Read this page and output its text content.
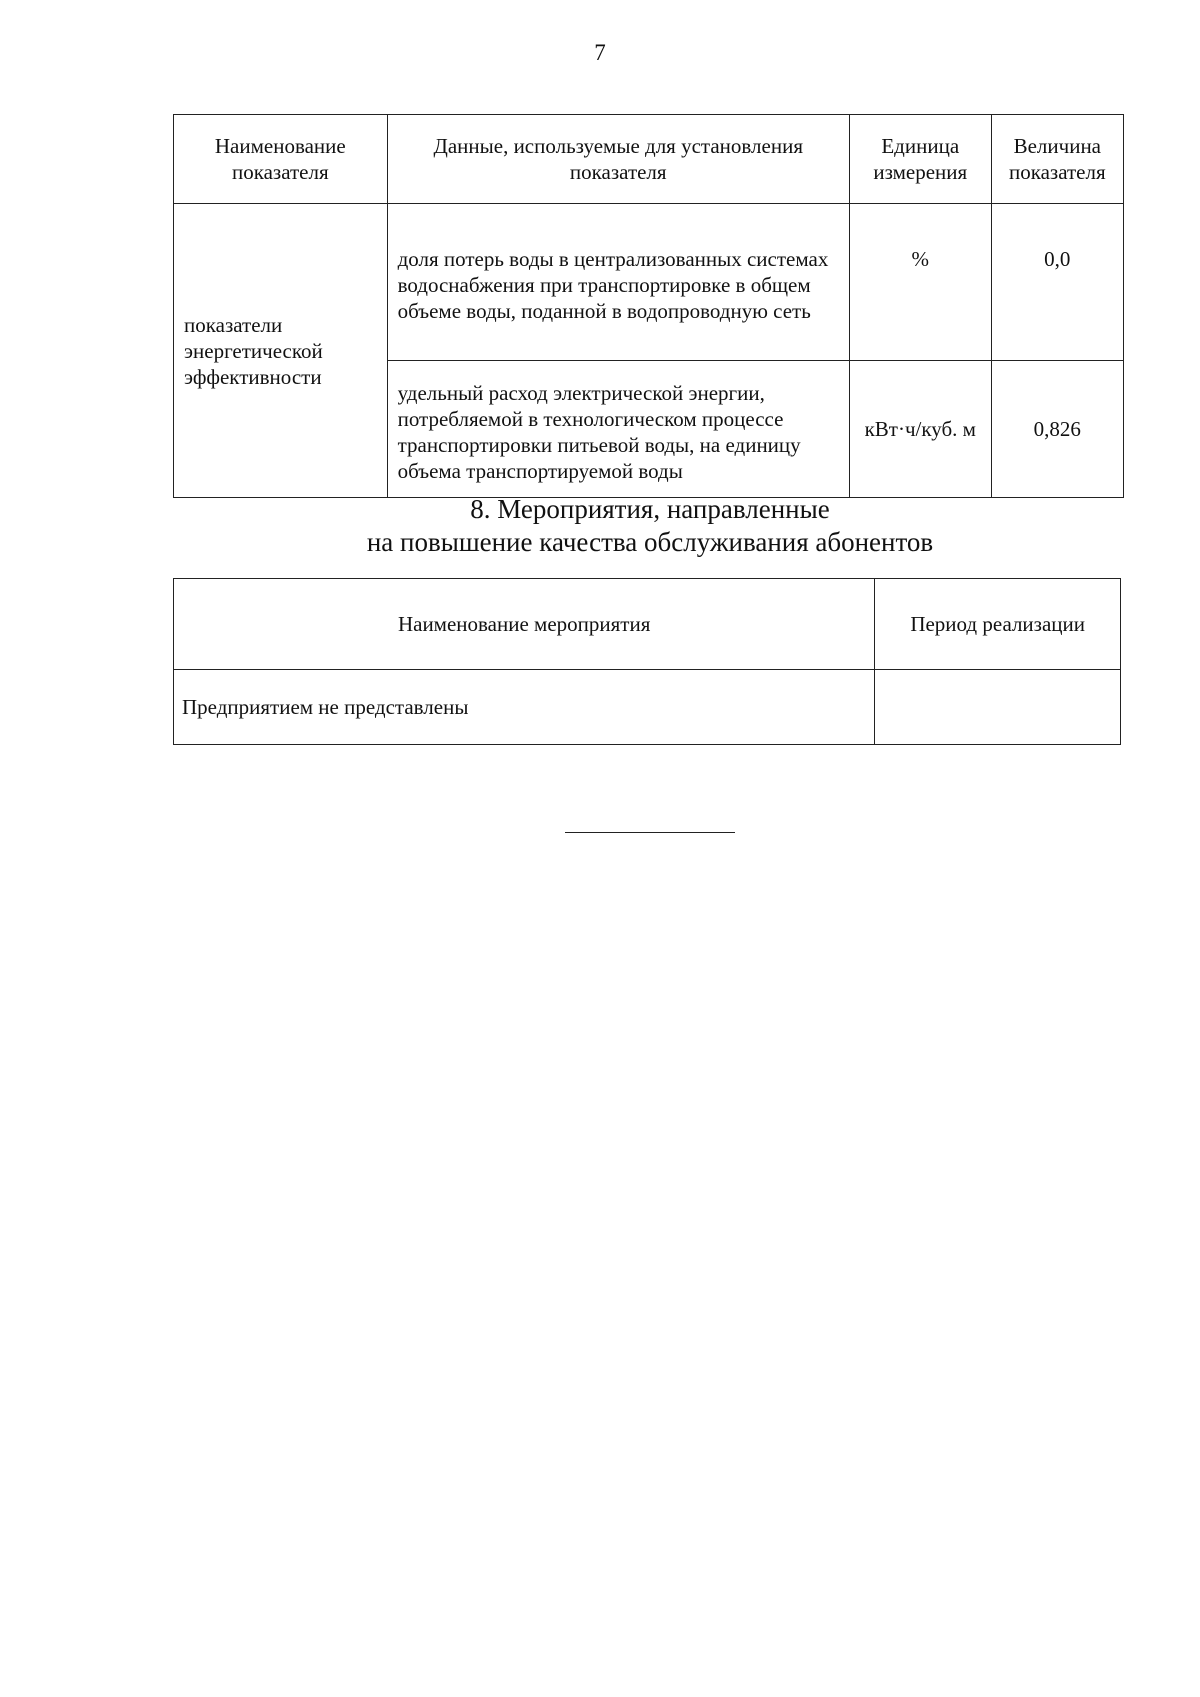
7
Наименование показателя	Данные, используемые для установления показателя	Единица измерения	Величина показателя
показатели энергетической эффективности	доля потерь воды в централизованных системах водоснабжения при транспортировке в общем объеме воды, поданной в водопроводную сеть	%	0,0
	удельный расход электрической энергии, потребляемой в технологическом процессе транспортировки питьевой воды, на единицу объема транспортируемой воды	кВт·ч/куб. м	0,826
8. Мероприятия, направленные
на повышение качества обслуживания абонентов
Наименование мероприятия	Период реализации
Предприятием не представлены	
